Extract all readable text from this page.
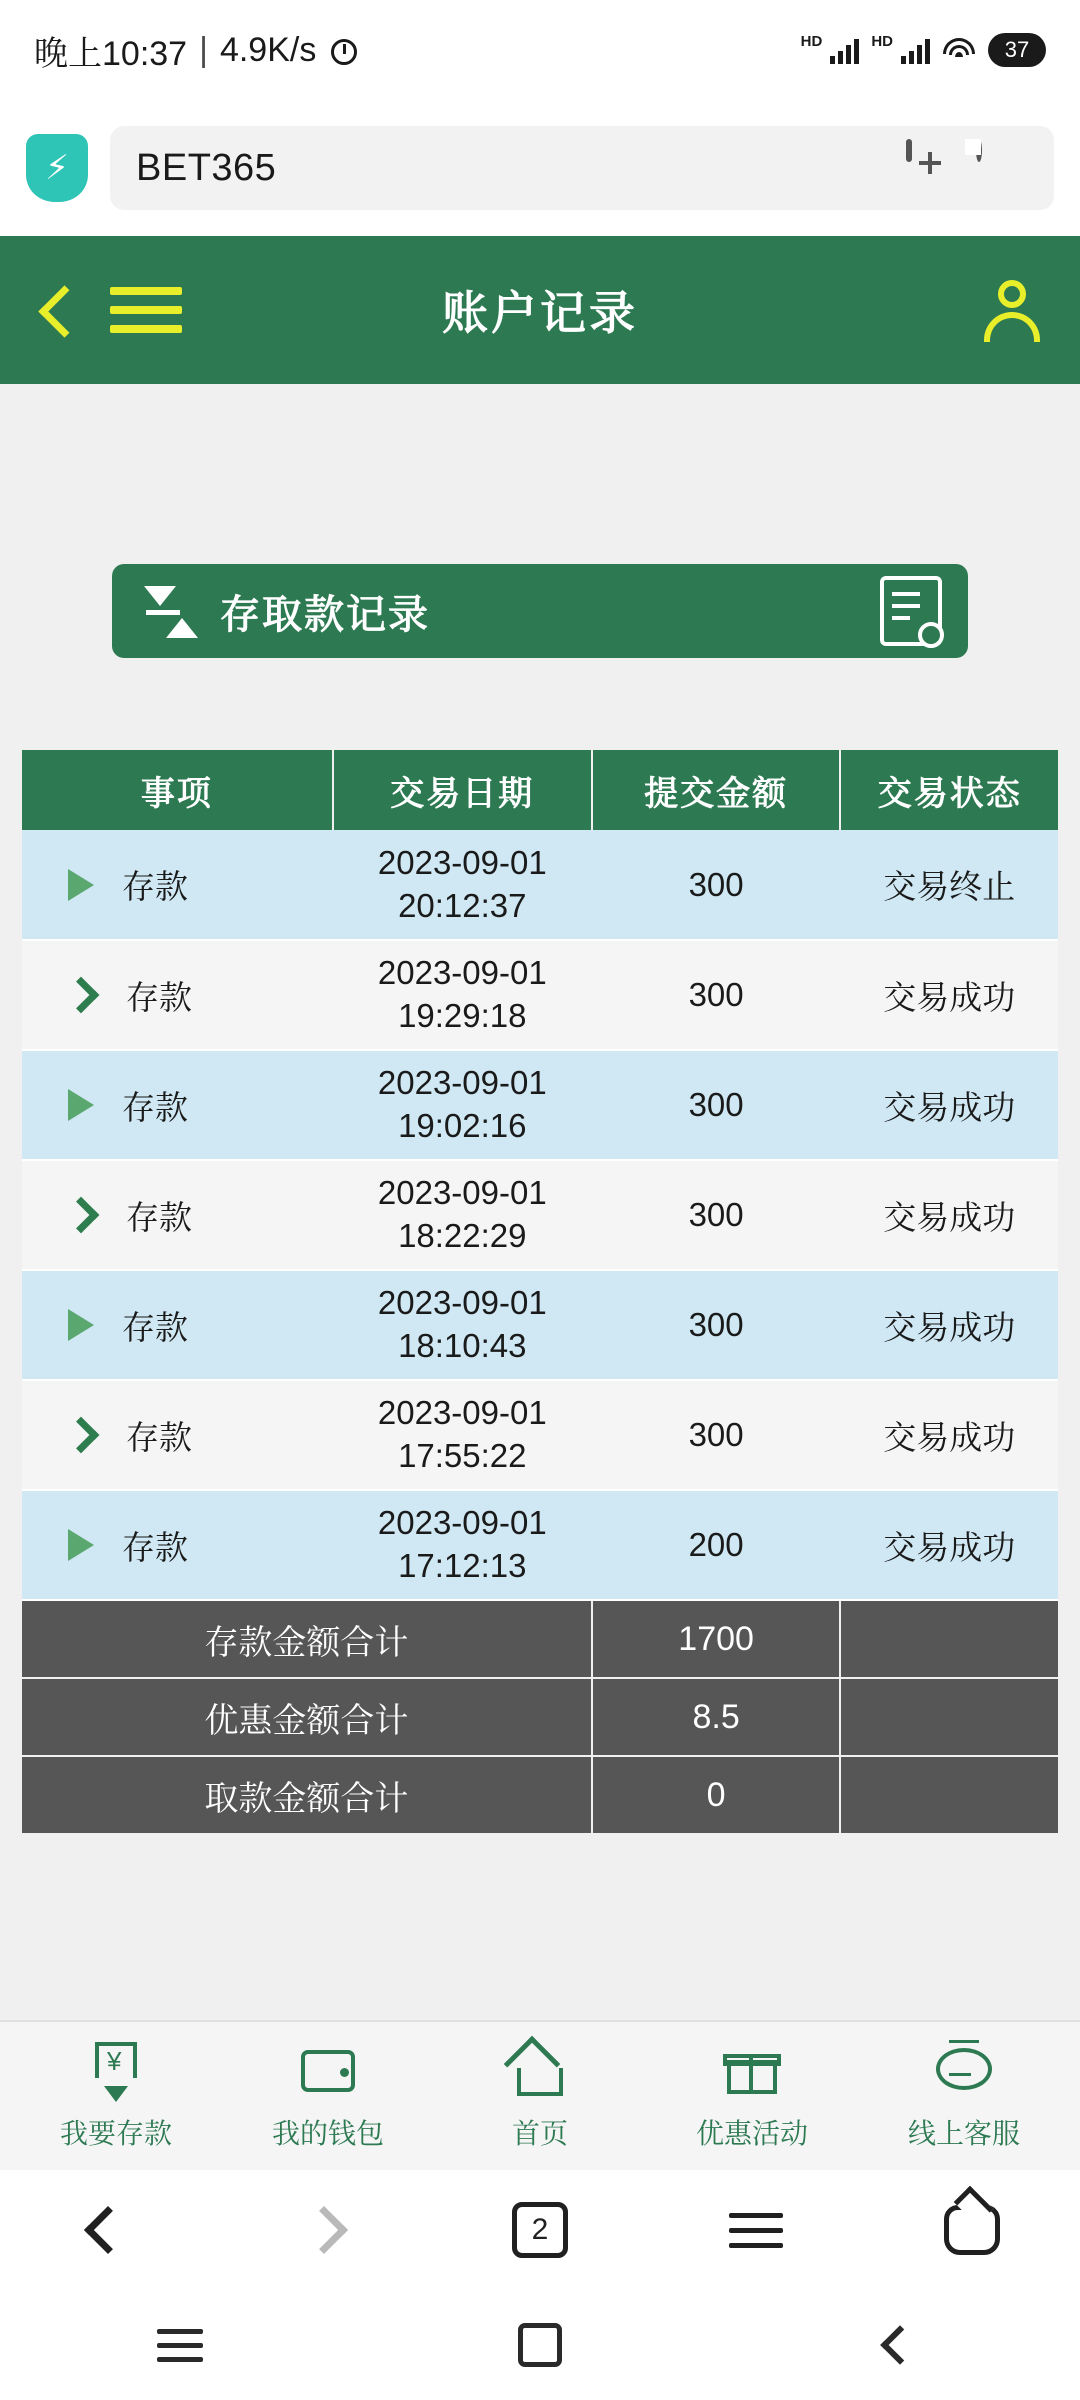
晚上10:37 | 4.9K/s	HD	HD	37
⚡ BET365
账户记录
存取款记录
事项	交易日期	提交金额	交易状态

存款	2023-09-01
20:12:37	300	交易终止

存款	2023-09-01
19:29:18	300	交易成功

存款	2023-09-01
19:02:16	300	交易成功

存款	2023-09-01
18:22:29	300	交易成功

存款	2023-09-01
18:10:43	300	交易成功

存款	2023-09-01
17:55:22	300	交易成功

存款	2023-09-01
17:12:13	200	交易成功
存款金额合计		1700	
优惠金额合计		8.5	
取款金额合计		0	
¥
我要存款	我的钱包	首页	优惠活动	线上客服
2
